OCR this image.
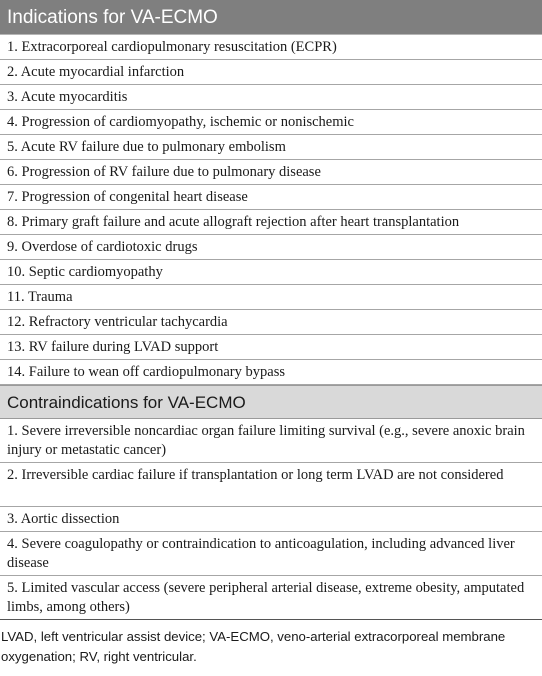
Indications for VA-ECMO
1. Extracorporeal cardiopulmonary resuscitation (ECPR)
2. Acute myocardial infarction
3. Acute myocarditis
4. Progression of cardiomyopathy, ischemic or nonischemic
5. Acute RV failure due to pulmonary embolism
6. Progression of RV failure due to pulmonary disease
7. Progression of congenital heart disease
8. Primary graft failure and acute allograft rejection after heart transplantation
9. Overdose of cardiotoxic drugs
10. Septic cardiomyopathy
11. Trauma
12. Refractory ventricular tachycardia
13. RV failure during LVAD support
14. Failure to wean off cardiopulmonary bypass
Contraindications for VA-ECMO
1. Severe irreversible noncardiac organ failure limiting survival (e.g., severe anoxic brain injury or metastatic cancer)
2. Irreversible cardiac failure if transplantation or long term LVAD are not considered
3. Aortic dissection
4. Severe coagulopathy or contraindication to anticoagulation, including advanced liver disease
5. Limited vascular access (severe peripheral arterial disease, extreme obesity, amputated limbs, among others)
LVAD, left ventricular assist device; VA-ECMO, veno-arterial extracorporeal membrane oxygenation; RV, right ventricular.
